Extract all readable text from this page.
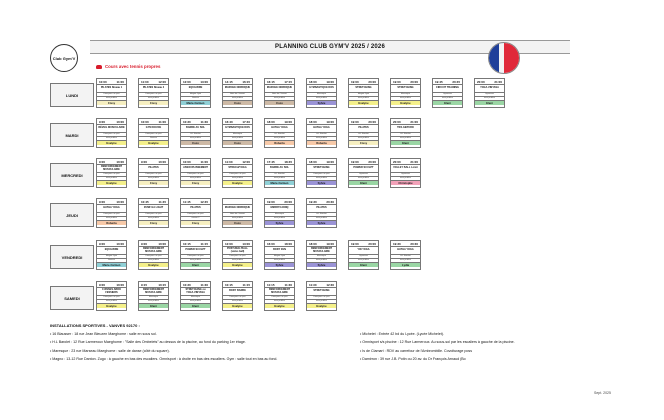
Club Gym'V
PLANNING CLUB GYM'V 2025 / 2026
Cours avec tennis propres
LUNDI
10:00	11:00
PILATES Niveau 1
Danspace un peu
tous publics
Cissy
11:00	12:00
PILATES Niveau 2
Danspace un peu
tous publics
Cissy
12:00	13:00
EQUILIBRE
Magno Gym
Seniors
Marie-Carmen
14:15	16:15
MARCHE NORDIQUE
Bois de Clamart
tous publics
Coco
16:15	17:15
MARCHE NORDIQUE
Bois de Clamart
tous publics
Coco
18:00	19:00
GYMNASTIQUE DOS
Maresque
tous publics
Sylvie
19:00	20:00
STRETCHING
Magno Gym
tous publics
Evelyne
19:00	20:00
STRETCHING
Maresque
tous publics
Evelyne
19:45	20:45
CIRCUIT TRAINING
Gymnase
tous publics
Eleni
20:00	21:00
YOGA VINYASA
Gymnase
tous publics
Eleni
MARDI
9:00	10:00
RÉVEIL MUSCULAIRE
Danspace un peu
tous publics
Evelyne
10:00	11:00
GYM DOUCE
Danspace un peu
Seniors
Evelyne
10:30	11:30
BARRE AU SOL
H.L Barolet
tous publics
Coco
16:40	17:40
GYMNASTIQUE DOS
Maresque
tous publics
Coco
18:00	19:00
HATHA YOGA
H.L Barolet
tous publics
Roberta
18:00	19:00
HATHA YOGA
H.L Barolet
tous publics
Roberta
19:00	20:00
PILATES
H.L Barolet
tous publics
Cissy
20:00	21:00
TRX-GEPURO
H.L Barolet
tous publics
Eleni
MERCREDI
9:00	10:00
RENFORCEMENT MUSCULAIRE
Danspace un peu
tous publics
Evelyne
9:00	10:00
PILATES
Danspace un peu
tous publics
Cissy
10:00	11:00
ASSOUPLISSEMENT
Danspace un peu
tous publics
Cissy
11:00	12:00
STRECH/YOGA
Danspace un peu
tous publics
Evelyne
17:45	18:45
BARRE AU SOL
H.L Barolet
tous publics
Marie-Carmen
18:00	19:00
STRETCHING
Danspace un peu
tous publics
Sylvie
19:00	20:00
POWER SCULPT
Gymnase
tous publics
Eleni
20:00	21:00
VOLLEY BALL Loisir
Gymnase
tous publics
Christophe
JEUDI
9:00	10:00
HATHA YOGA
Danspace un peu
tous publics
Roberta
10:45	11:45
ZUMF EA LIGHT
Danspace un peu
tous publics
Cissy
11:45	12:45
PILATES
Danspace un peu
niveau 2
Cissy
MARCHE NORDIQUE
Bois de Clamart
tous publics
Coco
19:00	20:00
EMBRYO-DINQ
Maresque
tous publics
Sylvie
19:30	20:30
PILATES
H.L Barolet
tous publics
Sylvie
VENDREDI
9:00	10:00
EQUILIBRE
Magno Gym
Seniors
Marie-Carmen
9:00	10:00
RENFORCEMENT MUSCULAIRE
Danspace un peu
tous publics
Evelyne
10:15	11:15
POWER SCULPT
Danspace un peu
tous publics
Eleni
12:00	13:00
POSTURAL'BALL (swiss ball)
Danspace un peu
tous publics
Evelyne
16:00	18:00
BODY ZEN
Magno Gym
tous publics
Sylvie
18:00	19:00
RENFORCEMENT MUSCULAIRE
Maresque
tous publics
Sylvie
19:00	20:00
YIN YOGA
Gymnase
tous publics
Eleni
19:30	20:30
HATHA YOGA
H.L Barolet
tous publics
Lydia
SAMEDI
9:00	10:00
CUISSES ABDO FESSIERS
Danspace un peu
tous publics
Evelyne
9:15	10:15
RENFORCEMENT MUSCULAIRE
Maresque
tous publics
Eleni
10:30	11:30
STRETCHING ou YOGA VINYASA
Maresque
tous publics
Eleni
10:15	11:15
BODY BARRE
Danspace un peu
tous publics
Evelyne
11:15	11:30
RENFORCEMENT MUSCULAIRE
Danspace un peu
tous publics
Evelyne
11:30	12:30
STRETCHING
Danspace un peu
tous publics
Evelyne
INSTALLATIONS SPORTIVES - VANVES 92170 :
• 16 Blausser : 18 rue Jean Bleuzen Maeghome : salle en sous sol.
• H.L Barolet : 12 Rue Larmeroux Maeghome : "Salle des Ombelets" au dessus de la piscine, au fond du parking 1er étage.
• Maresque : 23 rue Marseau Maeghome : salle de danse (côté du square).
• Magno : 13-12 Rue Danton. Zugo : à gauche en bas des escaliers. Omnisport : à droite en bas des escaliers. Gym : salle tout en bas au fond.
• Michelet : Entrée 42 bd du Lycée. (Lycée Michelet).
• Omnisport s/s piscine : 12 Rue Larmeroux. Au sous-sol par les escaliers à gauche de la piscine.
• Is de Clamart : RDV au carrefour de l'Ambrombille. Covoiturage poss
• Damirron : 39 rue J.B. Potin ou 20 av. du Dr François Arnaud (Bo
Sept. 2025
